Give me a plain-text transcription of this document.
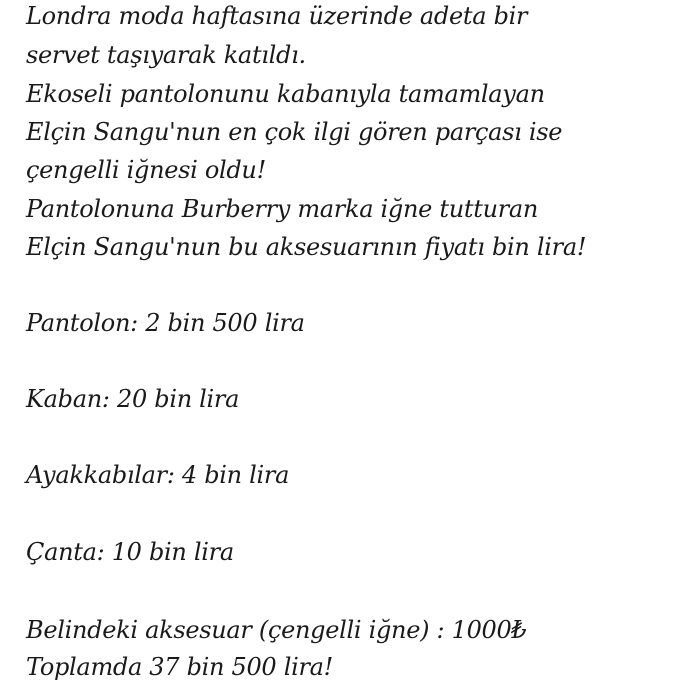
Londra moda haftasına üzerinde adeta bir
servet taşıyarak katıldı.
Ekoseli pantolonunu kabanıyla tamamlayan
Elçin Sangu'nun en çok ilgi gören parçası ise
çengelli iğnesi oldu!
Pantolonuna Burberry marka iğne tutturan
Elçin Sangu'nun bu aksesuarının fiyatı bin lira!
Pantolon: 2 bin 500 lira
Kaban: 20 bin lira
Ayakkabılar: 4 bin lira
Çanta: 10 bin lira
Belindeki aksesuar (çengelli iğne) : 1000₺
Toplamda 37 bin 500 lira!
